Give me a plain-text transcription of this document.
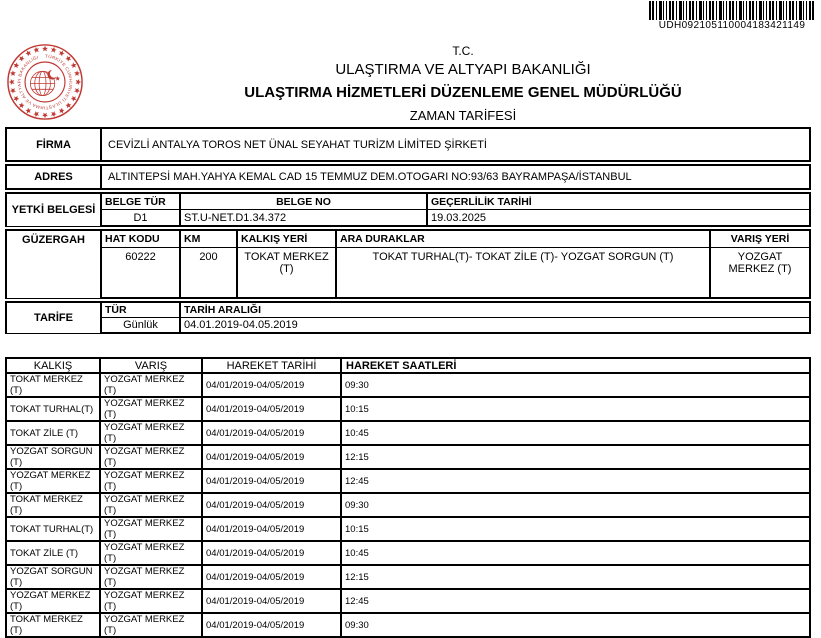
UDH092105110004183421149
TÜRKİYE CUMHURİYETİ ULAŞTIRMA VE ALTYAPI BAKANLIĞI	T.C.
ULAŞTIRMA VE ALTYAPI BAKANLIĞI
ULAŞTIRMA HİZMETLERİ DÜZENLEME GENEL MÜDÜRLÜĞÜ
ZAMAN TARİFESİ
FİRMA	CEVİZLİ ANTALYA TOROS NET ÜNAL SEYAHAT TURİZM LİMİTED ŞİRKETİ
ADRES	ALTINTEPSİ MAH.YAHYA KEMAL CAD 15 TEMMUZ DEM.OTOGARI NO:93/63 BAYRAMPAŞA/İSTANBUL
YETKİ BELGESİ	BELGE TÜR	BELGE NO	GEÇERLİLİK TARİHİ
	D1	ST.U-NET.D1.34.372	19.03.2025
GÜZERGAH	HAT KODU	KM	KALKIŞ YERİ	ARA DURAKLAR	VARIŞ YERİ
	60222	200	TOKAT MERKEZ (T)	TOKAT TURHAL(T)- TOKAT ZİLE (T)- YOZGAT SORGUN (T)	YOZGAT MERKEZ (T)
TARİFE	TÜR	TARİH ARALIĞI
	Günlük	04.01.2019-04.05.2019
KALKIŞ	VARIŞ	HAREKET TARİHİ	HAREKET SAATLERİ
TOKAT MERKEZ (T)	YOZGAT MERKEZ (T)	04/01/2019-04/05/2019	09:30
TOKAT TURHAL(T)	YOZGAT MERKEZ (T)	04/01/2019-04/05/2019	10:15
TOKAT ZİLE (T)	YOZGAT MERKEZ (T)	04/01/2019-04/05/2019	10:45
YOZGAT SORGUN (T)	YOZGAT MERKEZ (T)	04/01/2019-04/05/2019	12:15
YOZGAT MERKEZ (T)	YOZGAT MERKEZ (T)	04/01/2019-04/05/2019	12:45
TOKAT MERKEZ (T)	YOZGAT MERKEZ (T)	04/01/2019-04/05/2019	09:30
TOKAT TURHAL(T)	YOZGAT MERKEZ (T)	04/01/2019-04/05/2019	10:15
TOKAT ZİLE (T)	YOZGAT MERKEZ (T)	04/01/2019-04/05/2019	10:45
YOZGAT SORGUN (T)	YOZGAT MERKEZ (T)	04/01/2019-04/05/2019	12:15
YOZGAT MERKEZ (T)	YOZGAT MERKEZ (T)	04/01/2019-04/05/2019	12:45
TOKAT MERKEZ (T)	YOZGAT MERKEZ (T)	04/01/2019-04/05/2019	09:30
